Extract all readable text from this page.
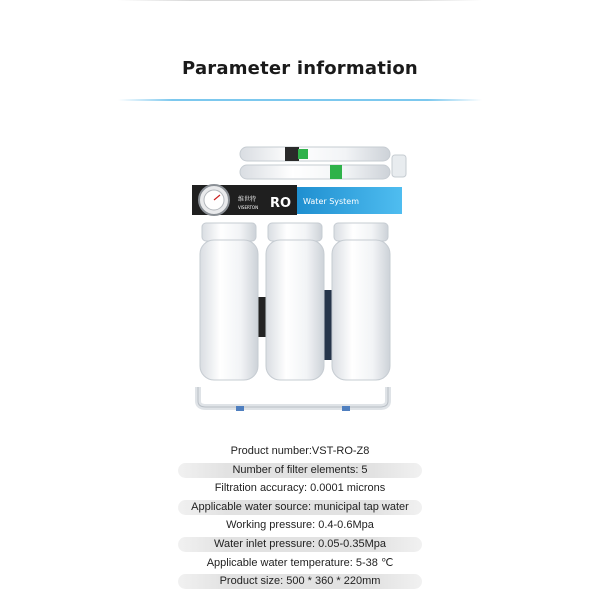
Parameter information
维世特
VISERTON RO Water System
Product number:VST-RO-Z8
Number of filter elements: 5
Filtration accuracy: 0.0001 microns
Applicable water source: municipal tap water
Working pressure: 0.4-0.6Mpa
Water inlet pressure: 0.05-0.35Mpa
Applicable water temperature: 5-38 ℃
Product size: 500 * 360 * 220mm
